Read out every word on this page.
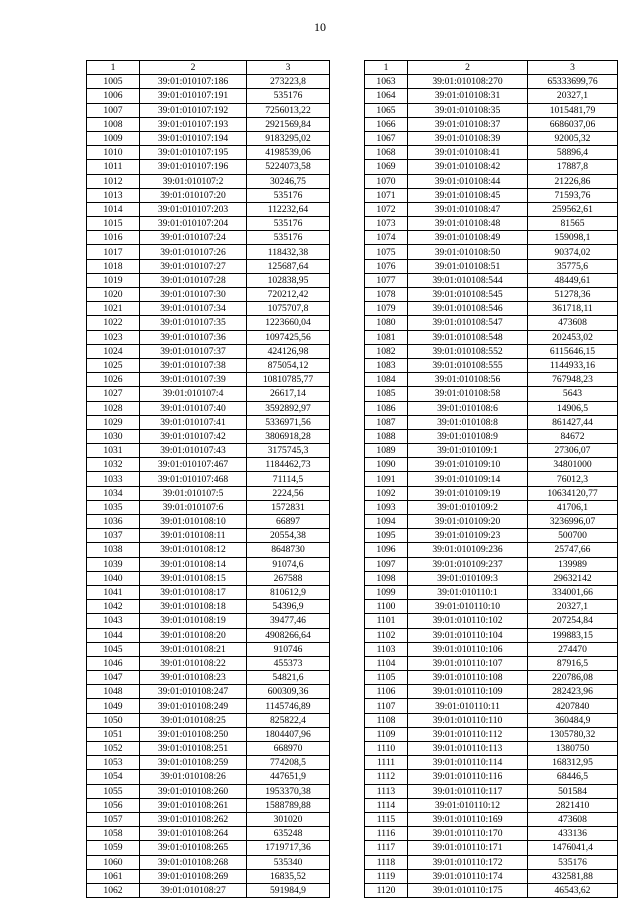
10
1	2	3
1005	39:01:010107:186	273223,8
1006	39:01:010107:191	535176
1007	39:01:010107:192	7256013,22
1008	39:01:010107:193	2921569,84
1009	39:01:010107:194	9183295,02
1010	39:01:010107:195	4198539,06
1011	39:01:010107:196	5224073,58
1012	39:01:010107:2	30246,75
1013	39:01:010107:20	535176
1014	39:01:010107:203	112232,64
1015	39:01:010107:204	535176
1016	39:01:010107:24	535176
1017	39:01:010107:26	118432,38
1018	39:01:010107:27	125687,64
1019	39:01:010107:28	102838,95
1020	39:01:010107:30	720212,42
1021	39:01:010107:34	1075707,8
1022	39:01:010107:35	1223660,04
1023	39:01:010107:36	1097425,56
1024	39:01:010107:37	424126,98
1025	39:01:010107:38	875054,12
1026	39:01:010107:39	10810785,77
1027	39:01:010107:4	26617,14
1028	39:01:010107:40	3592892,97
1029	39:01:010107:41	5336971,56
1030	39:01:010107:42	3806918,28
1031	39:01:010107:43	3175745,3
1032	39:01:010107:467	1184462,73
1033	39:01:010107:468	71114,5
1034	39:01:010107:5	2224,56
1035	39:01:010107:6	1572831
1036	39:01:010108:10	66897
1037	39:01:010108:11	20554,38
1038	39:01:010108:12	8648730
1039	39:01:010108:14	91074,6
1040	39:01:010108:15	267588
1041	39:01:010108:17	810612,9
1042	39:01:010108:18	54396,9
1043	39:01:010108:19	39477,46
1044	39:01:010108:20	4908266,64
1045	39:01:010108:21	910746
1046	39:01:010108:22	455373
1047	39:01:010108:23	54821,6
1048	39:01:010108:247	600309,36
1049	39:01:010108:249	1145746,89
1050	39:01:010108:25	825822,4
1051	39:01:010108:250	1804407,96
1052	39:01:010108:251	668970
1053	39:01:010108:259	774208,5
1054	39:01:010108:26	447651,9
1055	39:01:010108:260	1953370,38
1056	39:01:010108:261	1588789,88
1057	39:01:010108:262	301020
1058	39:01:010108:264	635248
1059	39:01:010108:265	1719717,36
1060	39:01:010108:268	535340
1061	39:01:010108:269	16835,52
1062	39:01:010108:27	591984,9
1	2	3
1063	39:01:010108:270	65333699,76
1064	39:01:010108:31	20327,1
1065	39:01:010108:35	1015481,79
1066	39:01:010108:37	6686037,06
1067	39:01:010108:39	92005,32
1068	39:01:010108:41	58896,4
1069	39:01:010108:42	17887,8
1070	39:01:010108:44	21226,86
1071	39:01:010108:45	71593,76
1072	39:01:010108:47	259562,61
1073	39:01:010108:48	81565
1074	39:01:010108:49	159098,1
1075	39:01:010108:50	90374,02
1076	39:01:010108:51	35775,6
1077	39:01:010108:544	48449,61
1078	39:01:010108:545	51278,36
1079	39:01:010108:546	361718,11
1080	39:01:010108:547	473608
1081	39:01:010108:548	202453,02
1082	39:01:010108:552	6115646,15
1083	39:01:010108:555	1144933,16
1084	39:01:010108:56	767948,23
1085	39:01:010108:58	5643
1086	39:01:010108:6	14906,5
1087	39:01:010108:8	861427,44
1088	39:01:010108:9	84672
1089	39:01:010109:1	27306,07
1090	39:01:010109:10	34801000
1091	39:01:010109:14	76012,3
1092	39:01:010109:19	10634120,77
1093	39:01:010109:2	41706,1
1094	39:01:010109:20	3236996,07
1095	39:01:010109:23	500700
1096	39:01:010109:236	25747,66
1097	39:01:010109:237	139989
1098	39:01:010109:3	29632142
1099	39:01:010110:1	334001,66
1100	39:01:010110:10	20327,1
1101	39:01:010110:102	207254,84
1102	39:01:010110:104	199883,15
1103	39:01:010110:106	274470
1104	39:01:010110:107	87916,5
1105	39:01:010110:108	220786,08
1106	39:01:010110:109	282423,96
1107	39:01:010110:11	4207840
1108	39:01:010110:110	360484,9
1109	39:01:010110:112	1305780,32
1110	39:01:010110:113	1380750
1111	39:01:010110:114	168312,95
1112	39:01:010110:116	68446,5
1113	39:01:010110:117	501584
1114	39:01:010110:12	2821410
1115	39:01:010110:169	473608
1116	39:01:010110:170	433136
1117	39:01:010110:171	1476041,4
1118	39:01:010110:172	535176
1119	39:01:010110:174	432581,88
1120	39:01:010110:175	46543,62
